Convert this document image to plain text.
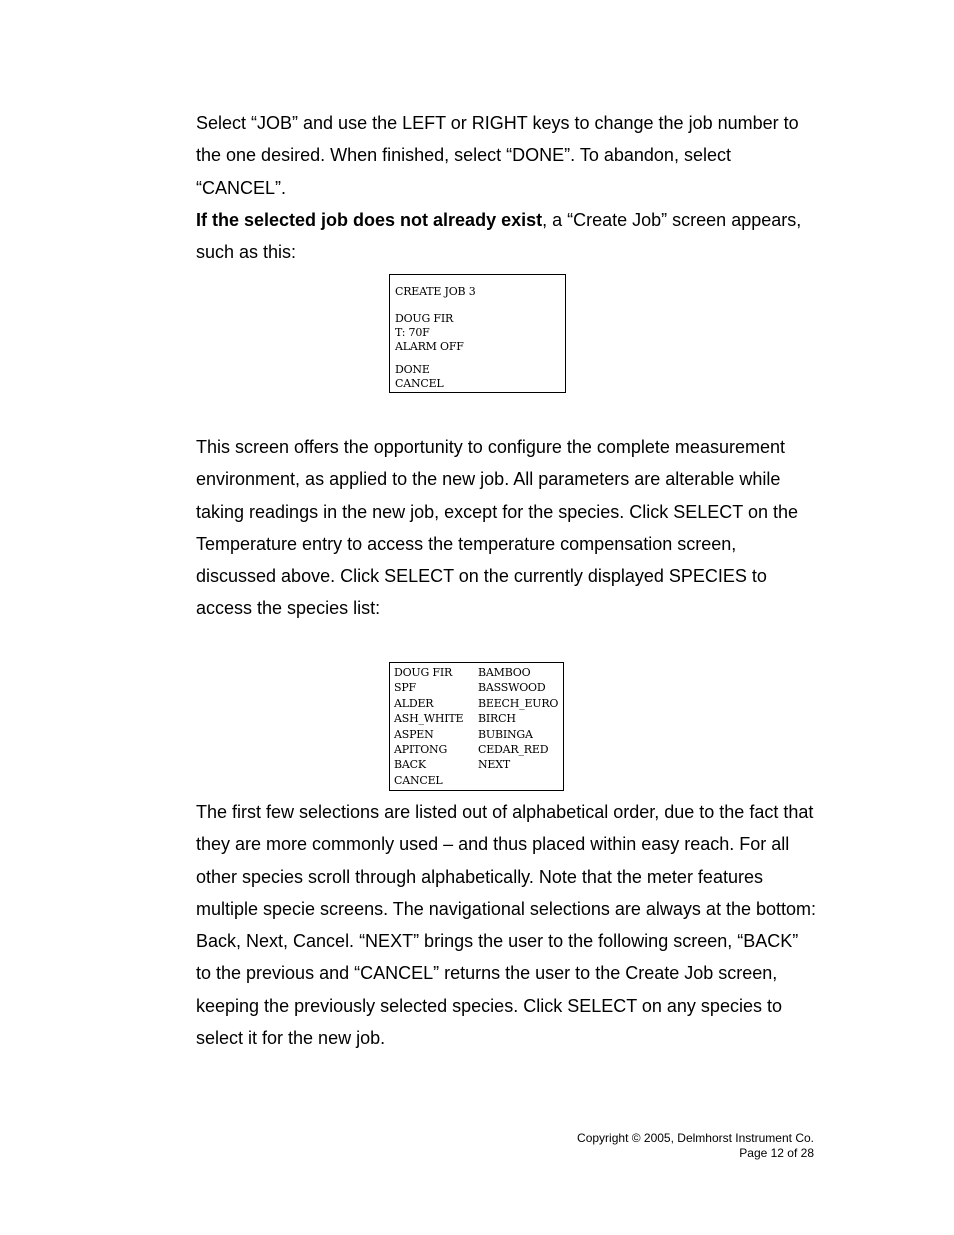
Select “JOB” and use the LEFT or RIGHT keys to change the job number to the one desired. When finished, select “DONE”. To abandon, select “CANCEL”.

If the selected job does not already exist, a “Create Job” screen appears, such as this:

CREATE JOB 3
DOUG FIR
T: 70F
ALARM OFF
DONE
CANCEL

This screen offers the opportunity to configure the complete measurement environment, as applied to the new job. All parameters are alterable while taking readings in the new job, except for the species. Click SELECT on the Temperature entry to access the temperature compensation screen, discussed above. Click SELECT on the currently displayed SPECIES to access the species list:

DOUG FIR
SPF
ALDER
ASH_WHITE
ASPEN
APITONG
BACK
CANCEL
BAMBOO
BASSWOOD
BEECH_EURO
BIRCH
BUBINGA
CEDAR_RED
NEXT

The first few selections are listed out of alphabetical order, due to the fact that they are more commonly used – and thus placed within easy reach. For all other species scroll through alphabetically. Note that the meter features multiple specie screens. The navigational selections are always at the bottom: Back, Next, Cancel. “NEXT” brings the user to the following screen, “BACK” to the previous and “CANCEL” returns the user to the Create Job screen, keeping the previously selected species. Click SELECT on any species to select it for the new job.

Copyright © 2005, Delmhorst Instrument Co.
Page 12 of 28
